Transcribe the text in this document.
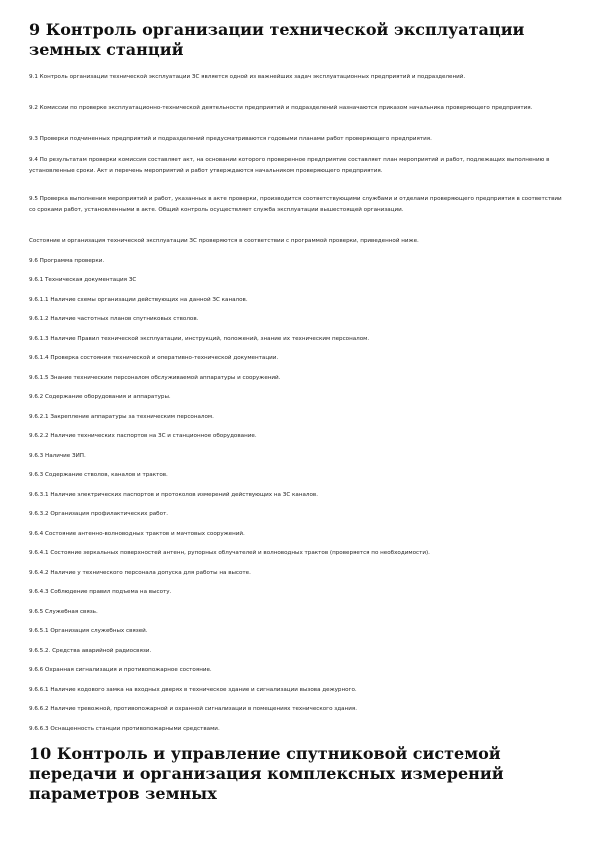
9 Контроль организации технической эксплуатации земных станций

9.1 Контроль организации технической эксплуатации ЗС является одной из важнейших задач эксплуатационных предприятий и подразделений.

9.2 Комиссии по проверке эксплуатационно-технической деятельности предприятий и подразделений назначаются приказом начальника проверяющего предприятия.

9.3 Проверки подчиненных предприятий и подразделений предусматриваются годовыми планами работ проверяющего предприятия.

9.4 По результатам проверки комиссия составляет акт, на основании которого проверенное предприятие составляет план мероприятий и работ, подлежащих выполнению в установленные сроки. Акт и перечень мероприятий и работ утверждаются начальником проверяющего предприятия.

9.5 Проверка выполнения мероприятий и работ, указанных в акте проверки, производится соответствующими службами и отделами проверяющего предприятия в соответствии со сроками работ, установленными в акте. Общий контроль осуществляет служба эксплуатации вышестоящей организации.

Состояние и организация технической эксплуатации ЗС проверяются в соответствии с программой проверки, приведенной ниже.

9.6 Программа проверки.

9.6.1 Техническая документация ЗС

9.6.1.1 Наличие схемы организации действующих на данной ЗС каналов.

9.6.1.2 Наличие частотных планов спутниковых стволов.

9.6.1.3 Наличие Правил технической эксплуатации, инструкций, положений, знание их техническим персоналом.

9.6.1.4 Проверка состояния технической и оперативно-технической документации.

9.6.1.5 Знание техническим персоналом обслуживаемой аппаратуры и сооружений.

9.6.2 Содержание оборудования и аппаратуры.

9.6.2.1 Закрепление аппаратуры за техническим персоналом.

9.6.2.2 Наличие технических паспортов на ЗС и станционное оборудование.

9.6.3 Наличие ЗИП.

9.6.3 Содержание стволов, каналов и трактов.

9.6.3.1 Наличие электрических паспортов и протоколов измерений действующих на ЗС каналов.

9.6.3.2 Организация профилактических работ.

9.6.4 Состояние антенно-волноводных трактов и мачтовых сооружений.

9.6.4.1 Состояние зеркальных поверхностей антенн, рупорных облучателей и волноводных трактов (проверяется по необходимости).

9.6.4.2 Наличие у технического персонала допуска для работы на высоте.

9.6.4.3 Соблюдение правил подъема на высоту.

9.6.5 Служебная связь.

9.6.5.1 Организация служебных связей.

9.6.5.2. Средства аварийной радиосвязи.

9.6.6 Охранная сигнализация и противопожарное состояние.

9.6.6.1 Наличие кодового замка на входных дверях в техническое здание и сигнализации вызова дежурного.

9.6.6.2 Наличие тревожной, противопожарной и охранной сигнализации в помещениях технического здания.

9.6.6.3 Оснащенность станции противопожарными средствами.

10 Контроль и управление спутниковой системой передачи и организация комплексных измерений параметров земных
